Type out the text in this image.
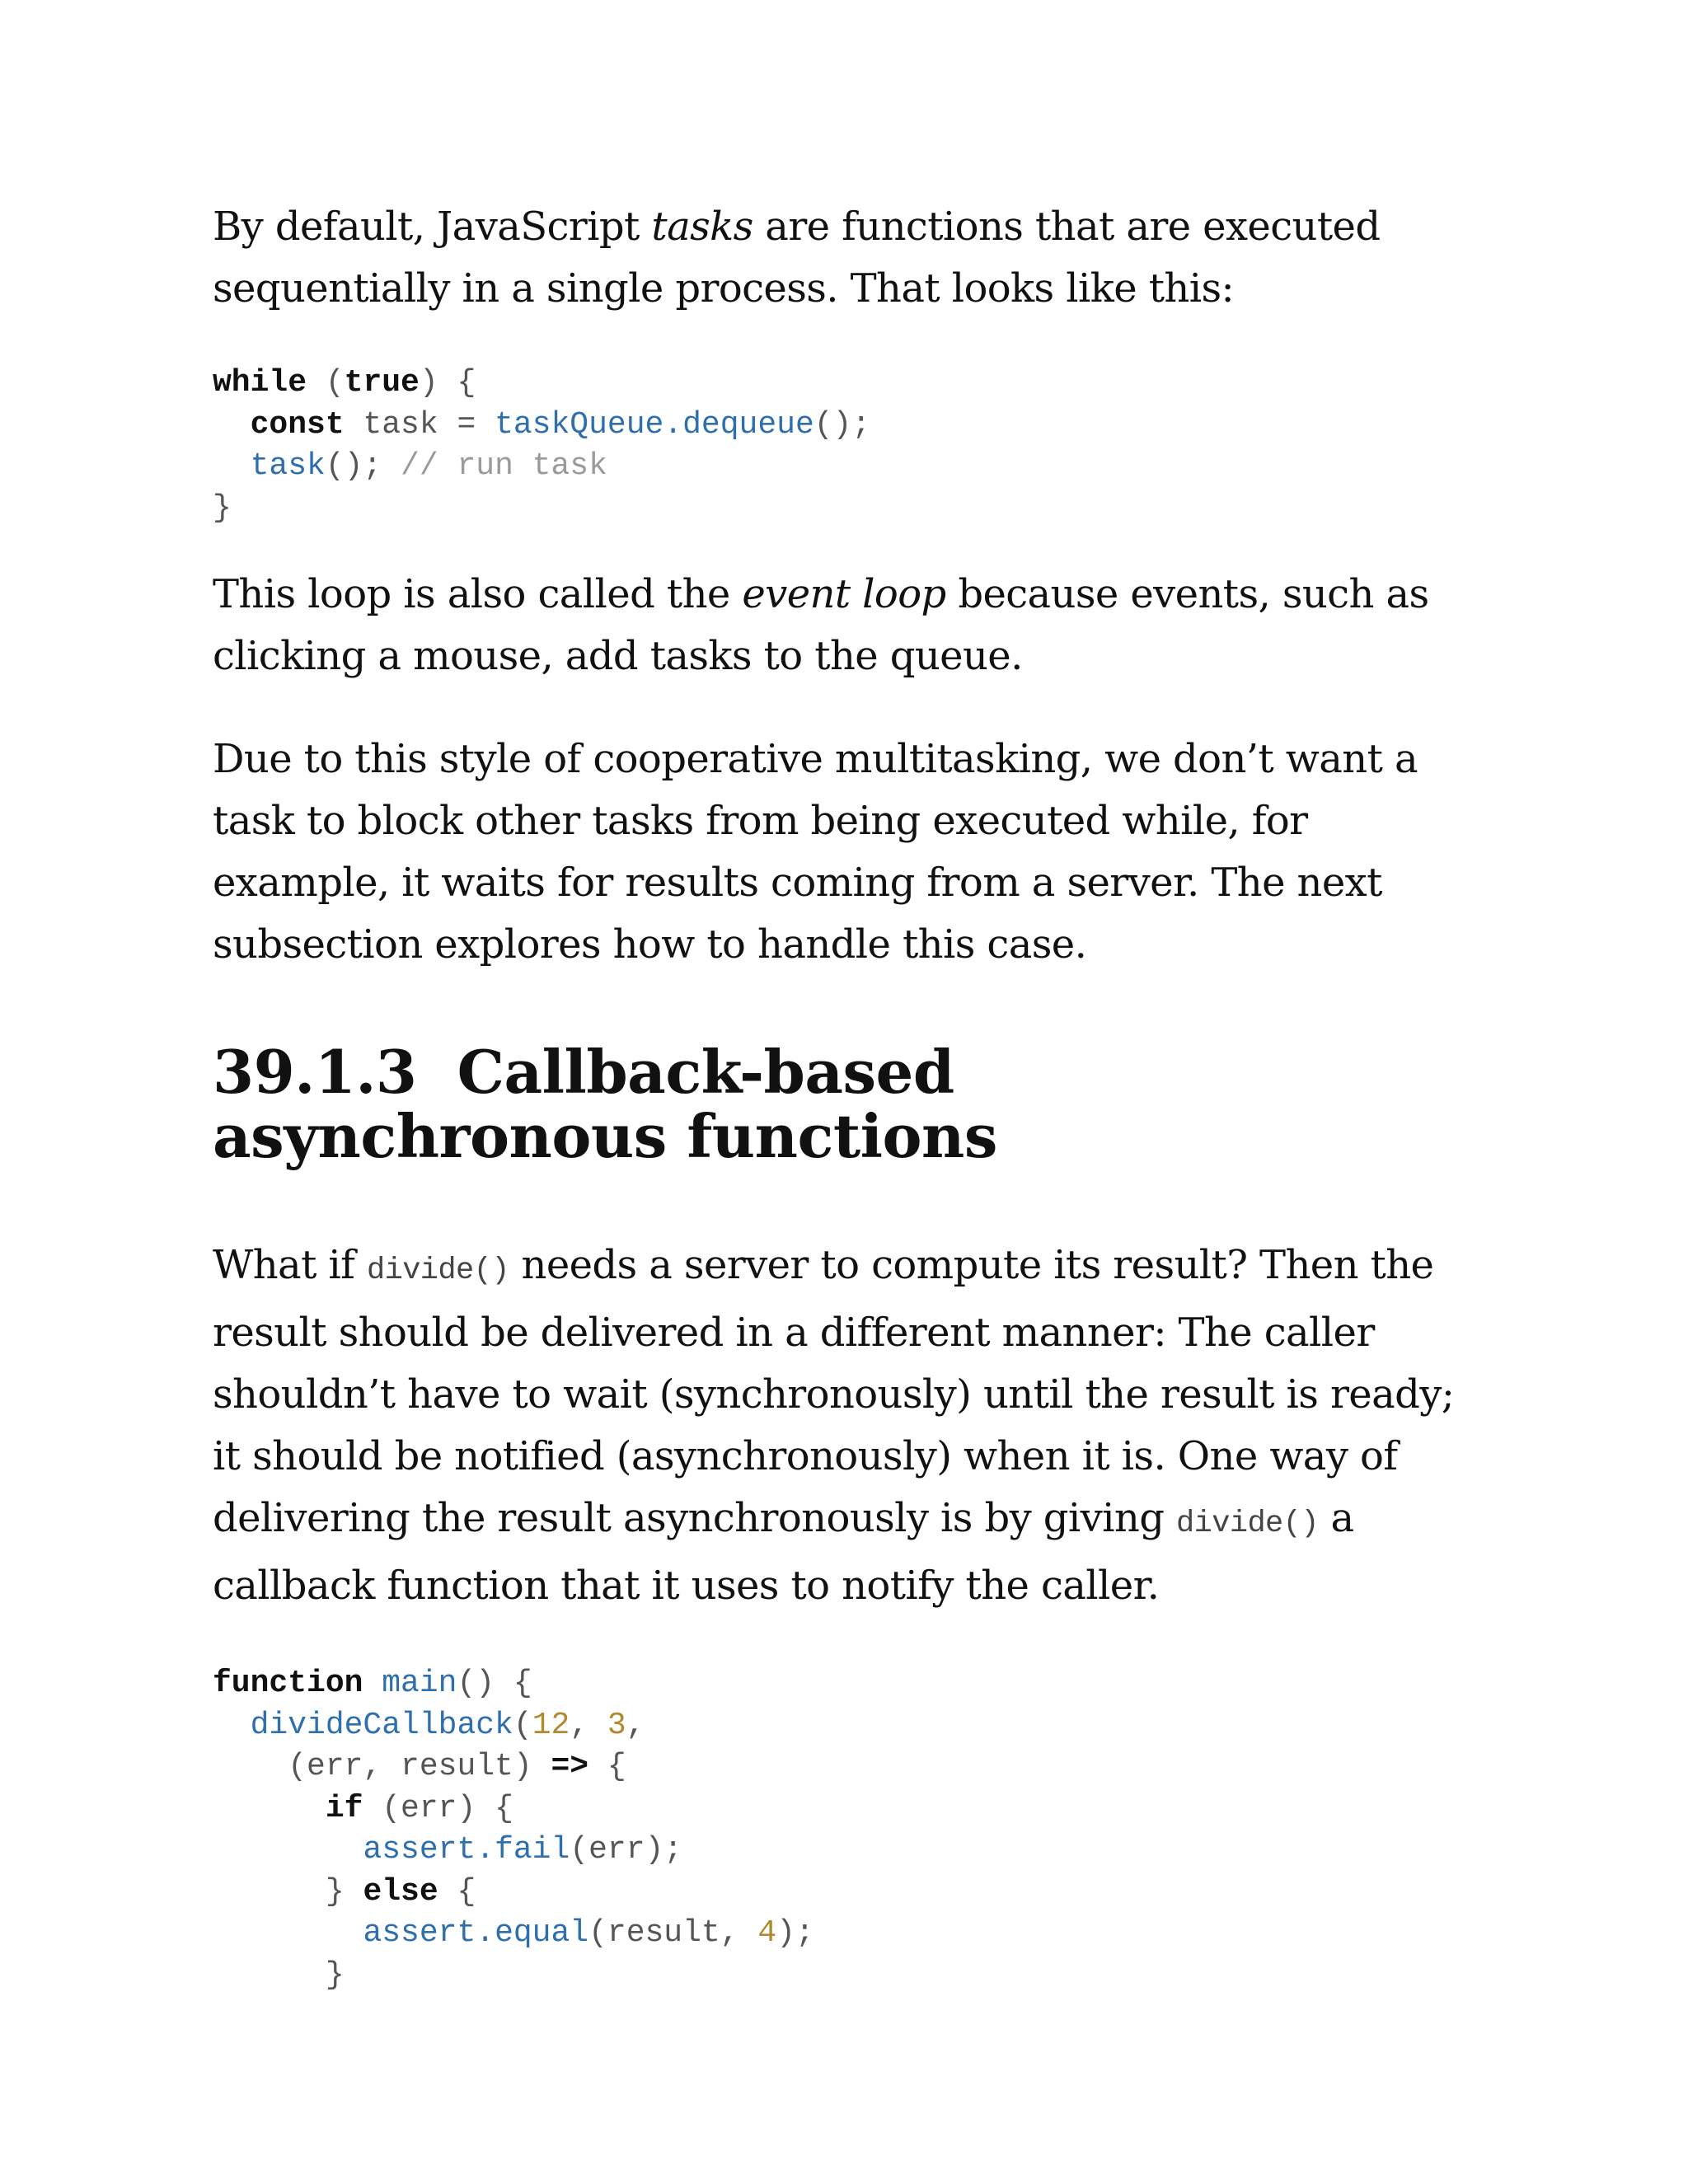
By default, JavaScript tasks are functions that are executed sequentially in a single process. That looks like this:

while (true) {
const task = taskQueue.dequeue();
task(); // run task
}

This loop is also called the event loop because events, such as clicking a mouse, add tasks to the queue.

Due to this style of cooperative multitasking, we don’t want a task to block other tasks from being executed while, for example, it waits for results coming from a server. The next subsection explores how to handle this case.

39.1.3 Callback-based asynchronous functions

What if divide() needs a server to compute its result? Then the result should be delivered in a different manner: The caller shouldn’t have to wait (synchronously) until the result is ready; it should be notified (asynchronously) when it is. One way of delivering the result asynchronously is by giving divide() a callback function that it uses to notify the caller.

function main() {
divideCallback(12, 3,
(err, result) => {
if (err) {
assert.fail(err);
} else {
assert.equal(result, 4);
}
